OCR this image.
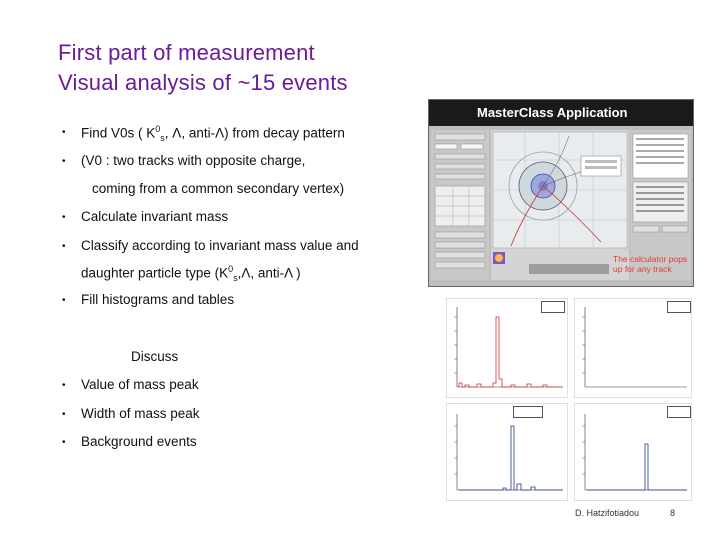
First part of measurement
Visual analysis of ~15 events
• Find V0s ( $K^0_s$, Λ, anti-Λ) from decay pattern
• (V0 : two tracks with opposite charge,
coming from a common secondary vertex)
• Calculate invariant mass
• Classify according to invariant mass value and
daughter particle type ($K^0_s,\Lambda$, anti-Λ )
• Fill histograms and tables
Discuss
• Value of mass peak
• Width of mass peak
• Background events
MasterClass Application
The calculator pops up for any track
D. Hatzifotiadou	8
